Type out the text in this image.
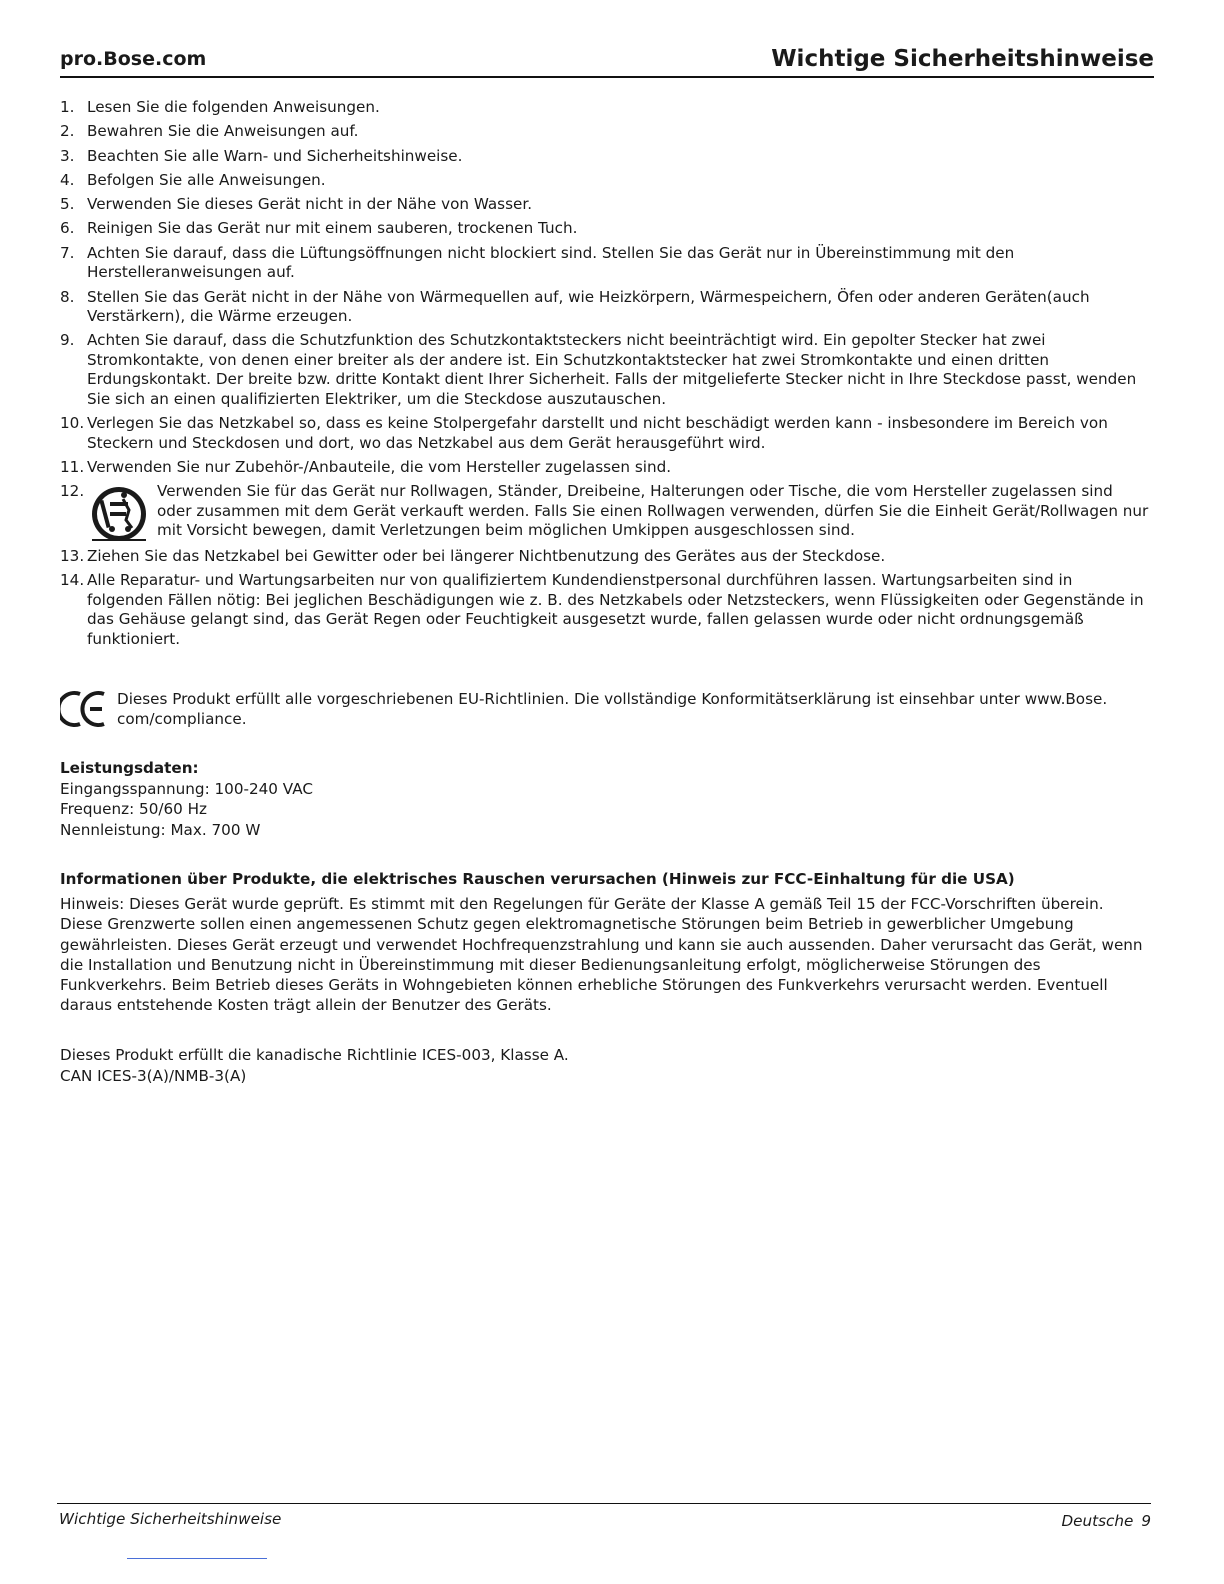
pro.Bose.com	Wichtige Sicherheitshinweise
1. Lesen Sie die folgenden Anweisungen.
2. Bewahren Sie die Anweisungen auf.
3. Beachten Sie alle Warn- und Sicherheitshinweise.
4. Befolgen Sie alle Anweisungen.
5. Verwenden Sie dieses Gerät nicht in der Nähe von Wasser.
6. Reinigen Sie das Gerät nur mit einem sauberen, trockenen Tuch.
7. Achten Sie darauf, dass die Lüftungsöffnungen nicht blockiert sind. Stellen Sie das Gerät nur in Übereinstimmung mit den Herstelleranweisungen auf.
8. Stellen Sie das Gerät nicht in der Nähe von Wärmequellen auf, wie Heizkörpern, Wärmespeichern, Öfen oder anderen Geräten(auch Verstärkern), die Wärme erzeugen.
9. Achten Sie darauf, dass die Schutzfunktion des Schutzkontaktsteckers nicht beeinträchtigt wird. Ein gepolter Stecker hat zwei Stromkontakte, von denen einer breiter als der andere ist. Ein Schutzkontaktstecker hat zwei Stromkontakte und einen dritten Erdungskontakt. Der breite bzw. dritte Kontakt dient Ihrer Sicherheit. Falls der mitgelieferte Stecker nicht in Ihre Steckdose passt, wenden Sie sich an einen qualifizierten Elektriker, um die Steckdose auszutauschen.
10. Verlegen Sie das Netzkabel so, dass es keine Stolpergefahr darstellt und nicht beschädigt werden kann - insbesondere im Bereich von Steckern und Steckdosen und dort, wo das Netzkabel aus dem Gerät herausgeführt wird.
11. Verwenden Sie nur Zubehör-/Anbauteile, die vom Hersteller zugelassen sind.
12.	Verwenden Sie für das Gerät nur Rollwagen, Ständer, Dreibeine, Halterungen oder Tische, die vom Hersteller zugelassen sind oder zusammen mit dem Gerät verkauft werden. Falls Sie einen Rollwagen verwenden, dürfen Sie die Einheit Gerät/Rollwagen nur mit Vorsicht bewegen, damit Verletzungen beim möglichen Umkippen ausgeschlossen sind.
13. Ziehen Sie das Netzkabel bei Gewitter oder bei längerer Nichtbenutzung des Gerätes aus der Steckdose.
14. Alle Reparatur- und Wartungsarbeiten nur von qualifiziertem Kundendienstpersonal durchführen lassen. Wartungsarbeiten sind in folgenden Fällen nötig: Bei jeglichen Beschädigungen wie z. B. des Netzkabels oder Netzsteckers, wenn Flüssigkeiten oder Gegenstände in das Gehäuse gelangt sind, das Gerät Regen oder Feuchtigkeit ausgesetzt wurde, fallen gelassen wurde oder nicht ordnungsgemäß funktioniert.
Dieses Produkt erfüllt alle vorgeschriebenen EU-Richtlinien. Die vollständige Konformitätserklärung ist einsehbar unter www.Bose. com/compliance.
Leistungsdaten:
Eingangsspannung: 100-240 VAC
Frequenz: 50/60 Hz
Nennleistung: Max. 700 W
Informationen über Produkte, die elektrisches Rauschen verursachen (Hinweis zur FCC-Einhaltung für die USA)
Hinweis: Dieses Gerät wurde geprüft. Es stimmt mit den Regelungen für Geräte der Klasse A gemäß Teil 15 der FCC-Vorschriften überein. Diese Grenzwerte sollen einen angemessenen Schutz gegen elektromagnetische Störungen beim Betrieb in gewerblicher Umgebung gewährleisten. Dieses Gerät erzeugt und verwendet Hochfrequenzstrahlung und kann sie auch aussenden. Daher verursacht das Gerät, wenn die Installation und Benutzung nicht in Übereinstimmung mit dieser Bedienungsanleitung erfolgt, möglicherweise Störungen des Funkverkehrs. Beim Betrieb dieses Geräts in Wohngebieten können erhebliche Störungen des Funkverkehrs verursacht werden. Eventuell daraus entstehende Kosten trägt allein der Benutzer des Geräts.
Dieses Produkt erfüllt die kanadische Richtlinie ICES-003, Klasse A.
CAN ICES-3(A)/NMB-3(A)
Wichtige Sicherheitshinweise	Deutsche 9
